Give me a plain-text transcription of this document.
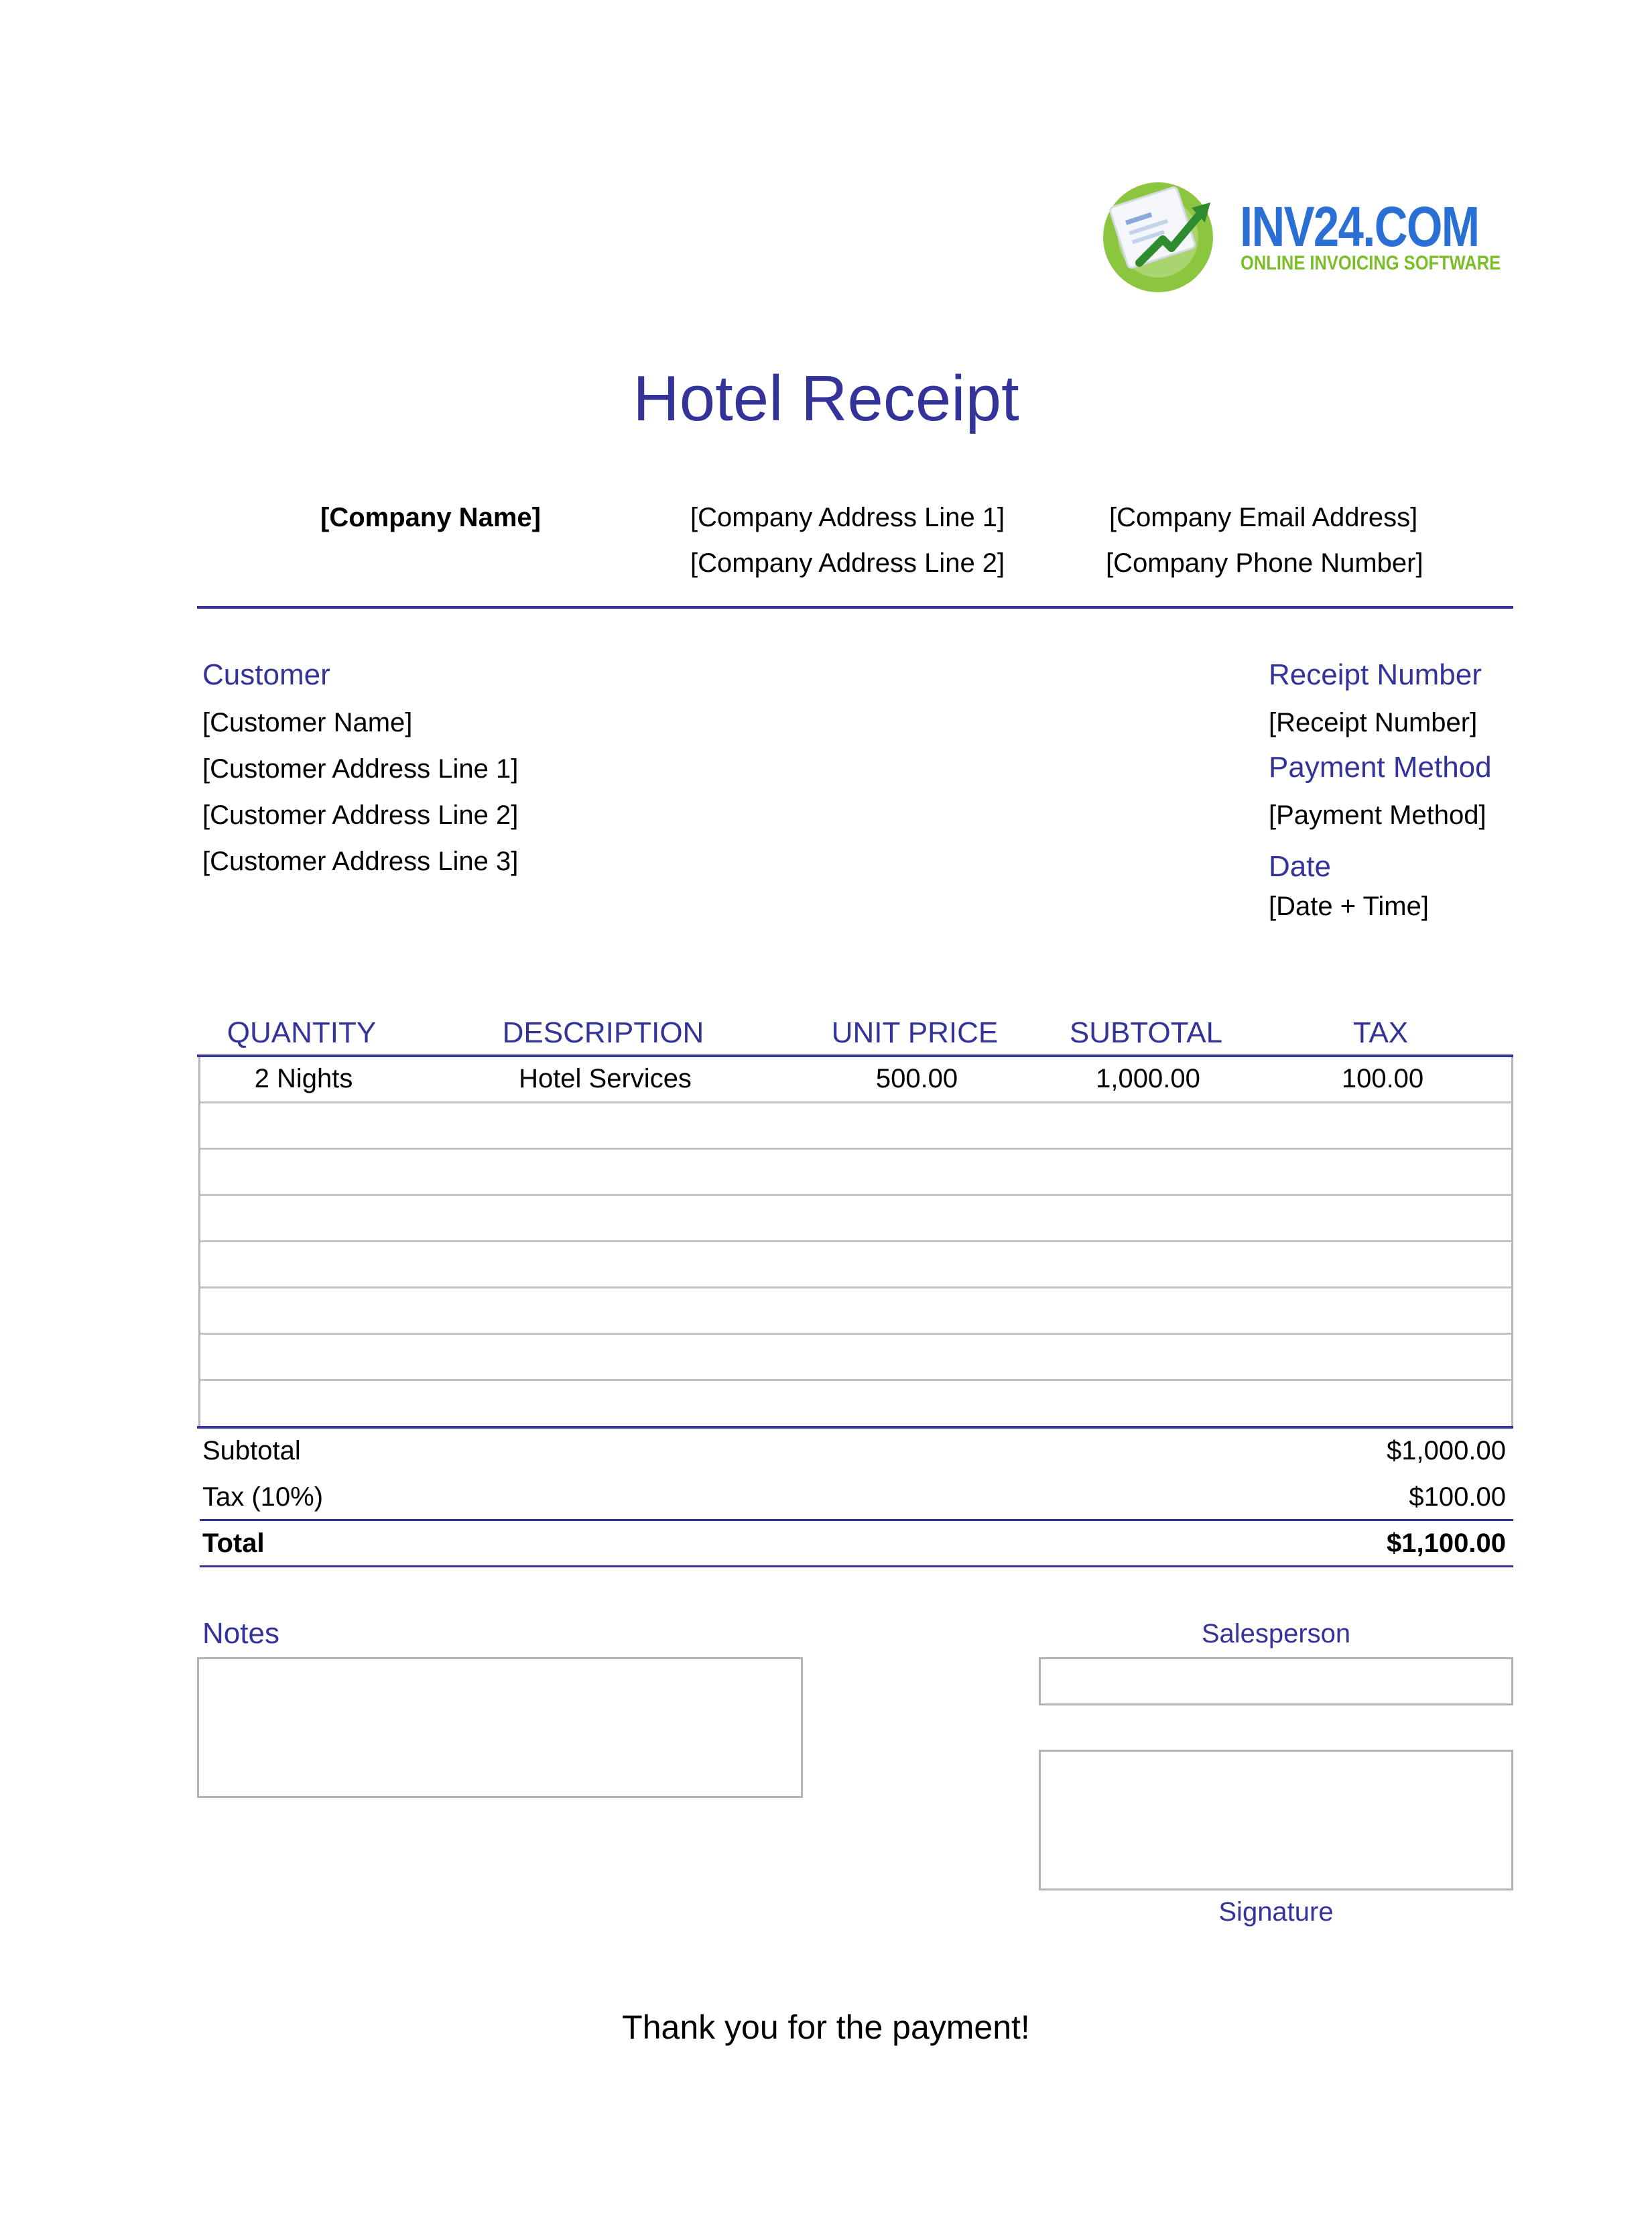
INV24.COM
ONLINE INVOICING SOFTWARE
Hotel Receipt
[Company Name]	[Company Address Line 1]
[Company Address Line 2]
[Company Email Address]
[Company Phone Number]
Customer
[Customer Name]
[Customer Address Line 1]
[Customer Address Line 2]
[Customer Address Line 3]
Receipt Number
[Receipt Number]
Payment Method
[Payment Method]
Date
[Date + Time]
QUANTITY	DESCRIPTION	UNIT PRICE	SUBTOTAL	TAX
2 Nights	Hotel Services	500.00	1,000.00	100.00
Subtotal	$1,000.00
Tax (10%)	$100.00
Total	$1,100.00
Notes	Salesperson
Signature
Thank you for the payment!
